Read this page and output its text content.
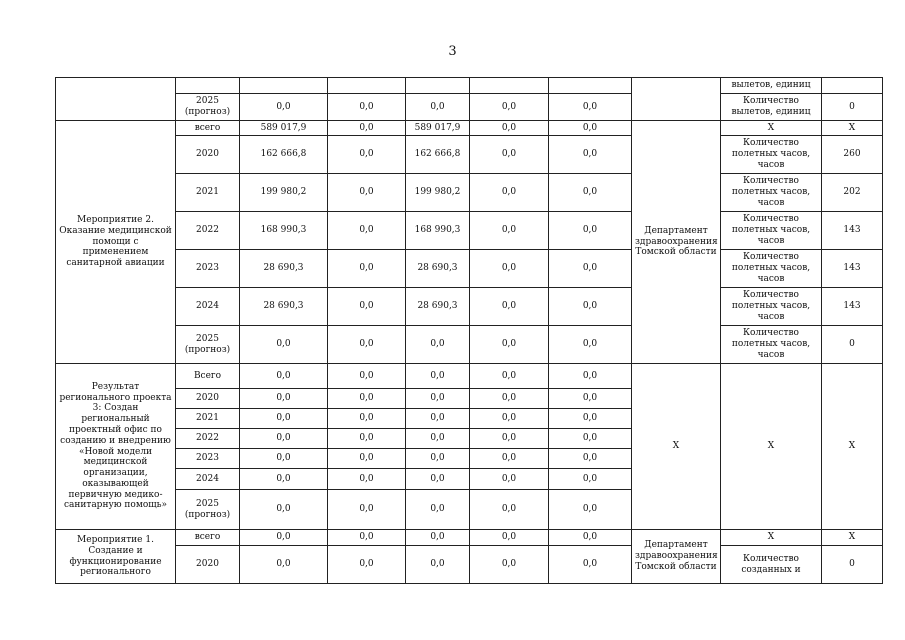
3
								вылетов, единиц	
	2025 (прогноз)	0,0	0,0	0,0	0,0	0,0		Количество вылетов, единиц	0
Мероприятие 2. Оказание медицинской помощи с применением санитарной авиации	всего	589 017,9	0,0	589 017,9	0,0	0,0	Департамент здравоохранения Томской области	X	X
	2020	162 666,8	0,0	162 666,8	0,0	0,0		Количество полетных часов, часов	260
	2021	199 980,2	0,0	199 980,2	0,0	0,0		Количество полетных часов, часов	202
	2022	168 990,3	0,0	168 990,3	0,0	0,0		Количество полетных часов, часов	143
	2023	28 690,3	0,0	28 690,3	0,0	0,0		Количество полетных часов, часов	143
	2024	28 690,3	0,0	28 690,3	0,0	0,0		Количество полетных часов, часов	143
	2025 (прогноз)	0,0	0,0	0,0	0,0	0,0		Количество полетных часов, часов	0
Результат регионального проекта 3: Создан региональный проектный офис по созданию и внедрению «Новой модели медицинской организации, оказывающей первичную медико-санитарную помощь»	Всего	0,0	0,0	0,0	0,0	0,0	X	X	X
	2020	0,0	0,0	0,0	0,0	0,0			
	2021	0,0	0,0	0,0	0,0	0,0			
	2022	0,0	0,0	0,0	0,0	0,0			
	2023	0,0	0,0	0,0	0,0	0,0			
	2024	0,0	0,0	0,0	0,0	0,0			
	2025 (прогноз)	0,0	0,0	0,0	0,0	0,0			
Мероприятие 1. Создание и функционирование регионального	всего	0,0	0,0	0,0	0,0	0,0	Департамент здравоохранения Томской области	X	X
	2020	0,0	0,0	0,0	0,0	0,0		Количество созданных и	0
